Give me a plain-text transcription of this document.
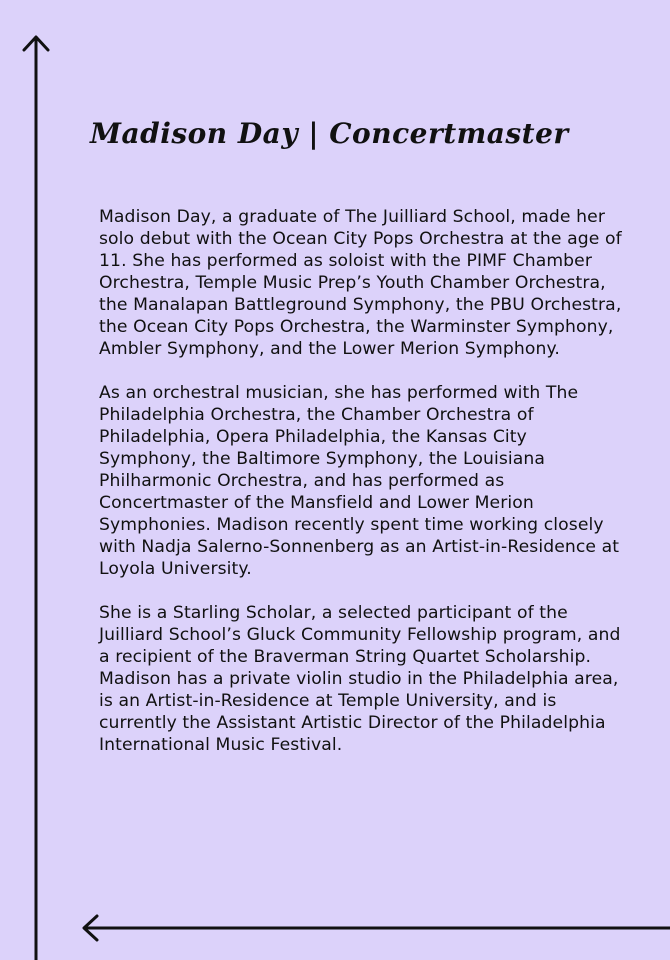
Madison Day | Concertmaster

Madison Day, a graduate of The Juilliard School, made her solo debut with the Ocean City Pops Orchestra at the age of 11. She has performed as soloist with the PIMF Chamber Orchestra, Temple Music Prep’s Youth Chamber Orchestra, the Manalapan Battleground Symphony, the PBU Orchestra, the Ocean City Pops Orchestra, the Warminster Symphony, Ambler Symphony, and the Lower Merion Symphony.

As an orchestral musician, she has performed with The Philadelphia Orchestra, the Chamber Orchestra of Philadelphia, Opera Philadelphia, the Kansas City Symphony, the Baltimore Symphony, the Louisiana Philharmonic Orchestra, and has performed as Concertmaster of the Mansfield and Lower Merion Symphonies. Madison recently spent time working closely with Nadja Salerno-Sonnenberg as an Artist-in-Residence at Loyola University.

She is a Starling Scholar, a selected participant of the Juilliard School’s Gluck Community Fellowship program, and a recipient of the Braverman String Quartet Scholarship. Madison has a private violin studio in the Philadelphia area, is an Artist-in-Residence at Temple University, and is currently the Assistant Artistic Director of the Philadelphia International Music Festival.
